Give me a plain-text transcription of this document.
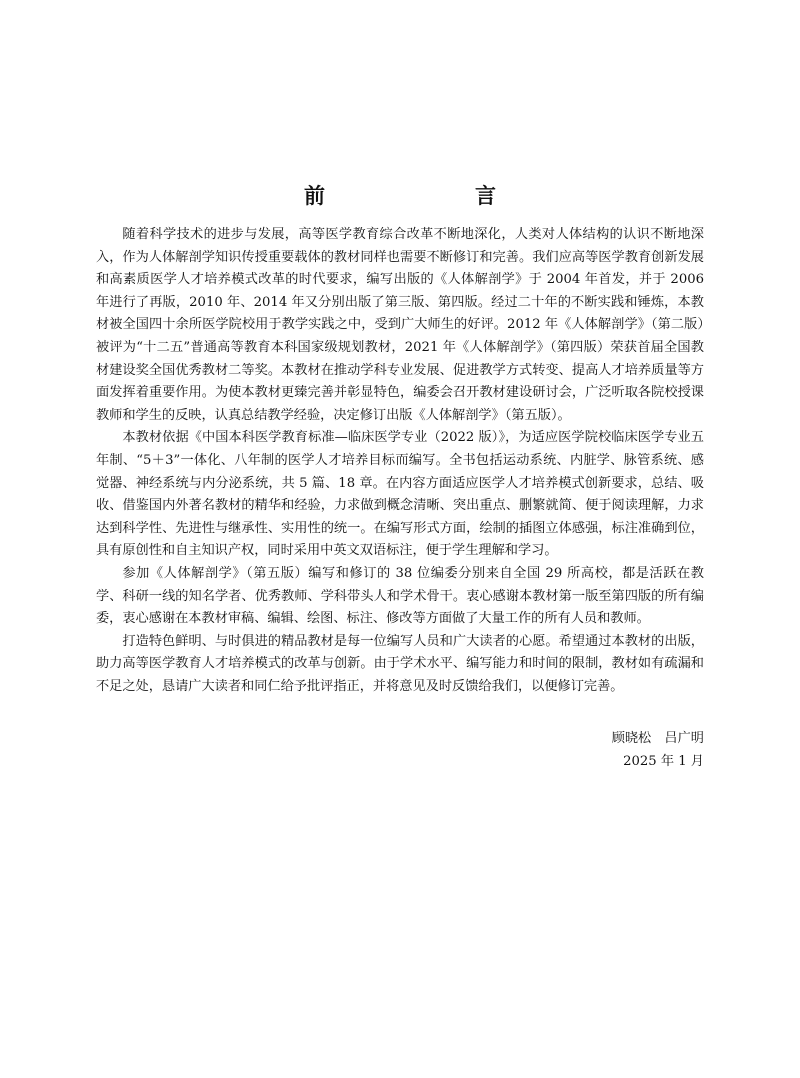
前　　言

随着科学技术的进步与发展，高等医学教育综合改革不断地深化，人类对人体结构的认识不断地深入，作为人体解剖学知识传授重要载体的教材同样也需要不断修订和完善。我们应高等医学教育创新发展和高素质医学人才培养模式改革的时代要求，编写出版的《人体解剖学》于 2004 年首发，并于 2006 年进行了再版，2010 年、2014 年又分别出版了第三版、第四版。经过二十年的不断实践和锤炼，本教材被全国四十余所医学院校用于教学实践之中，受到广大师生的好评。2012 年《人体解剖学》（第二版）被评为“十二五”普通高等教育本科国家级规划教材，2021 年《人体解剖学》（第四版）荣获首届全国教材建设奖全国优秀教材二等奖。本教材在推动学科专业发展、促进教学方式转变、提高人才培养质量等方面发挥着重要作用。为使本教材更臻完善并彰显特色，编委会召开教材建设研讨会，广泛听取各院校授课教师和学生的反映，认真总结教学经验，决定修订出版《人体解剖学》（第五版）。

本教材依据《中国本科医学教育标准—临床医学专业（2022 版）》，为适应医学院校临床医学专业五年制、“5＋3”一体化、八年制的医学人才培养目标而编写。全书包括运动系统、内脏学、脉管系统、感觉器、神经系统与内分泌系统，共 5 篇、18 章。在内容方面适应医学人才培养模式创新要求，总结、吸收、借鉴国内外著名教材的精华和经验，力求做到概念清晰、突出重点、删繁就简、便于阅读理解，力求达到科学性、先进性与继承性、实用性的统一。在编写形式方面，绘制的插图立体感强，标注准确到位，具有原创性和自主知识产权，同时采用中英文双语标注，便于学生理解和学习。

参加《人体解剖学》（第五版）编写和修订的 38 位编委分别来自全国 29 所高校，都是活跃在教学、科研一线的知名学者、优秀教师、学科带头人和学术骨干。衷心感谢本教材第一版至第四版的所有编委，衷心感谢在本教材审稿、编辑、绘图、标注、修改等方面做了大量工作的所有人员和教师。

打造特色鲜明、与时俱进的精品教材是每一位编写人员和广大读者的心愿。希望通过本教材的出版，助力高等医学教育人才培养模式的改革与创新。由于学术水平、编写能力和时间的限制，教材如有疏漏和不足之处，恳请广大读者和同仁给予批评指正，并将意见及时反馈给我们，以便修订完善。

顾晓松　吕广明
2025 年 1 月
